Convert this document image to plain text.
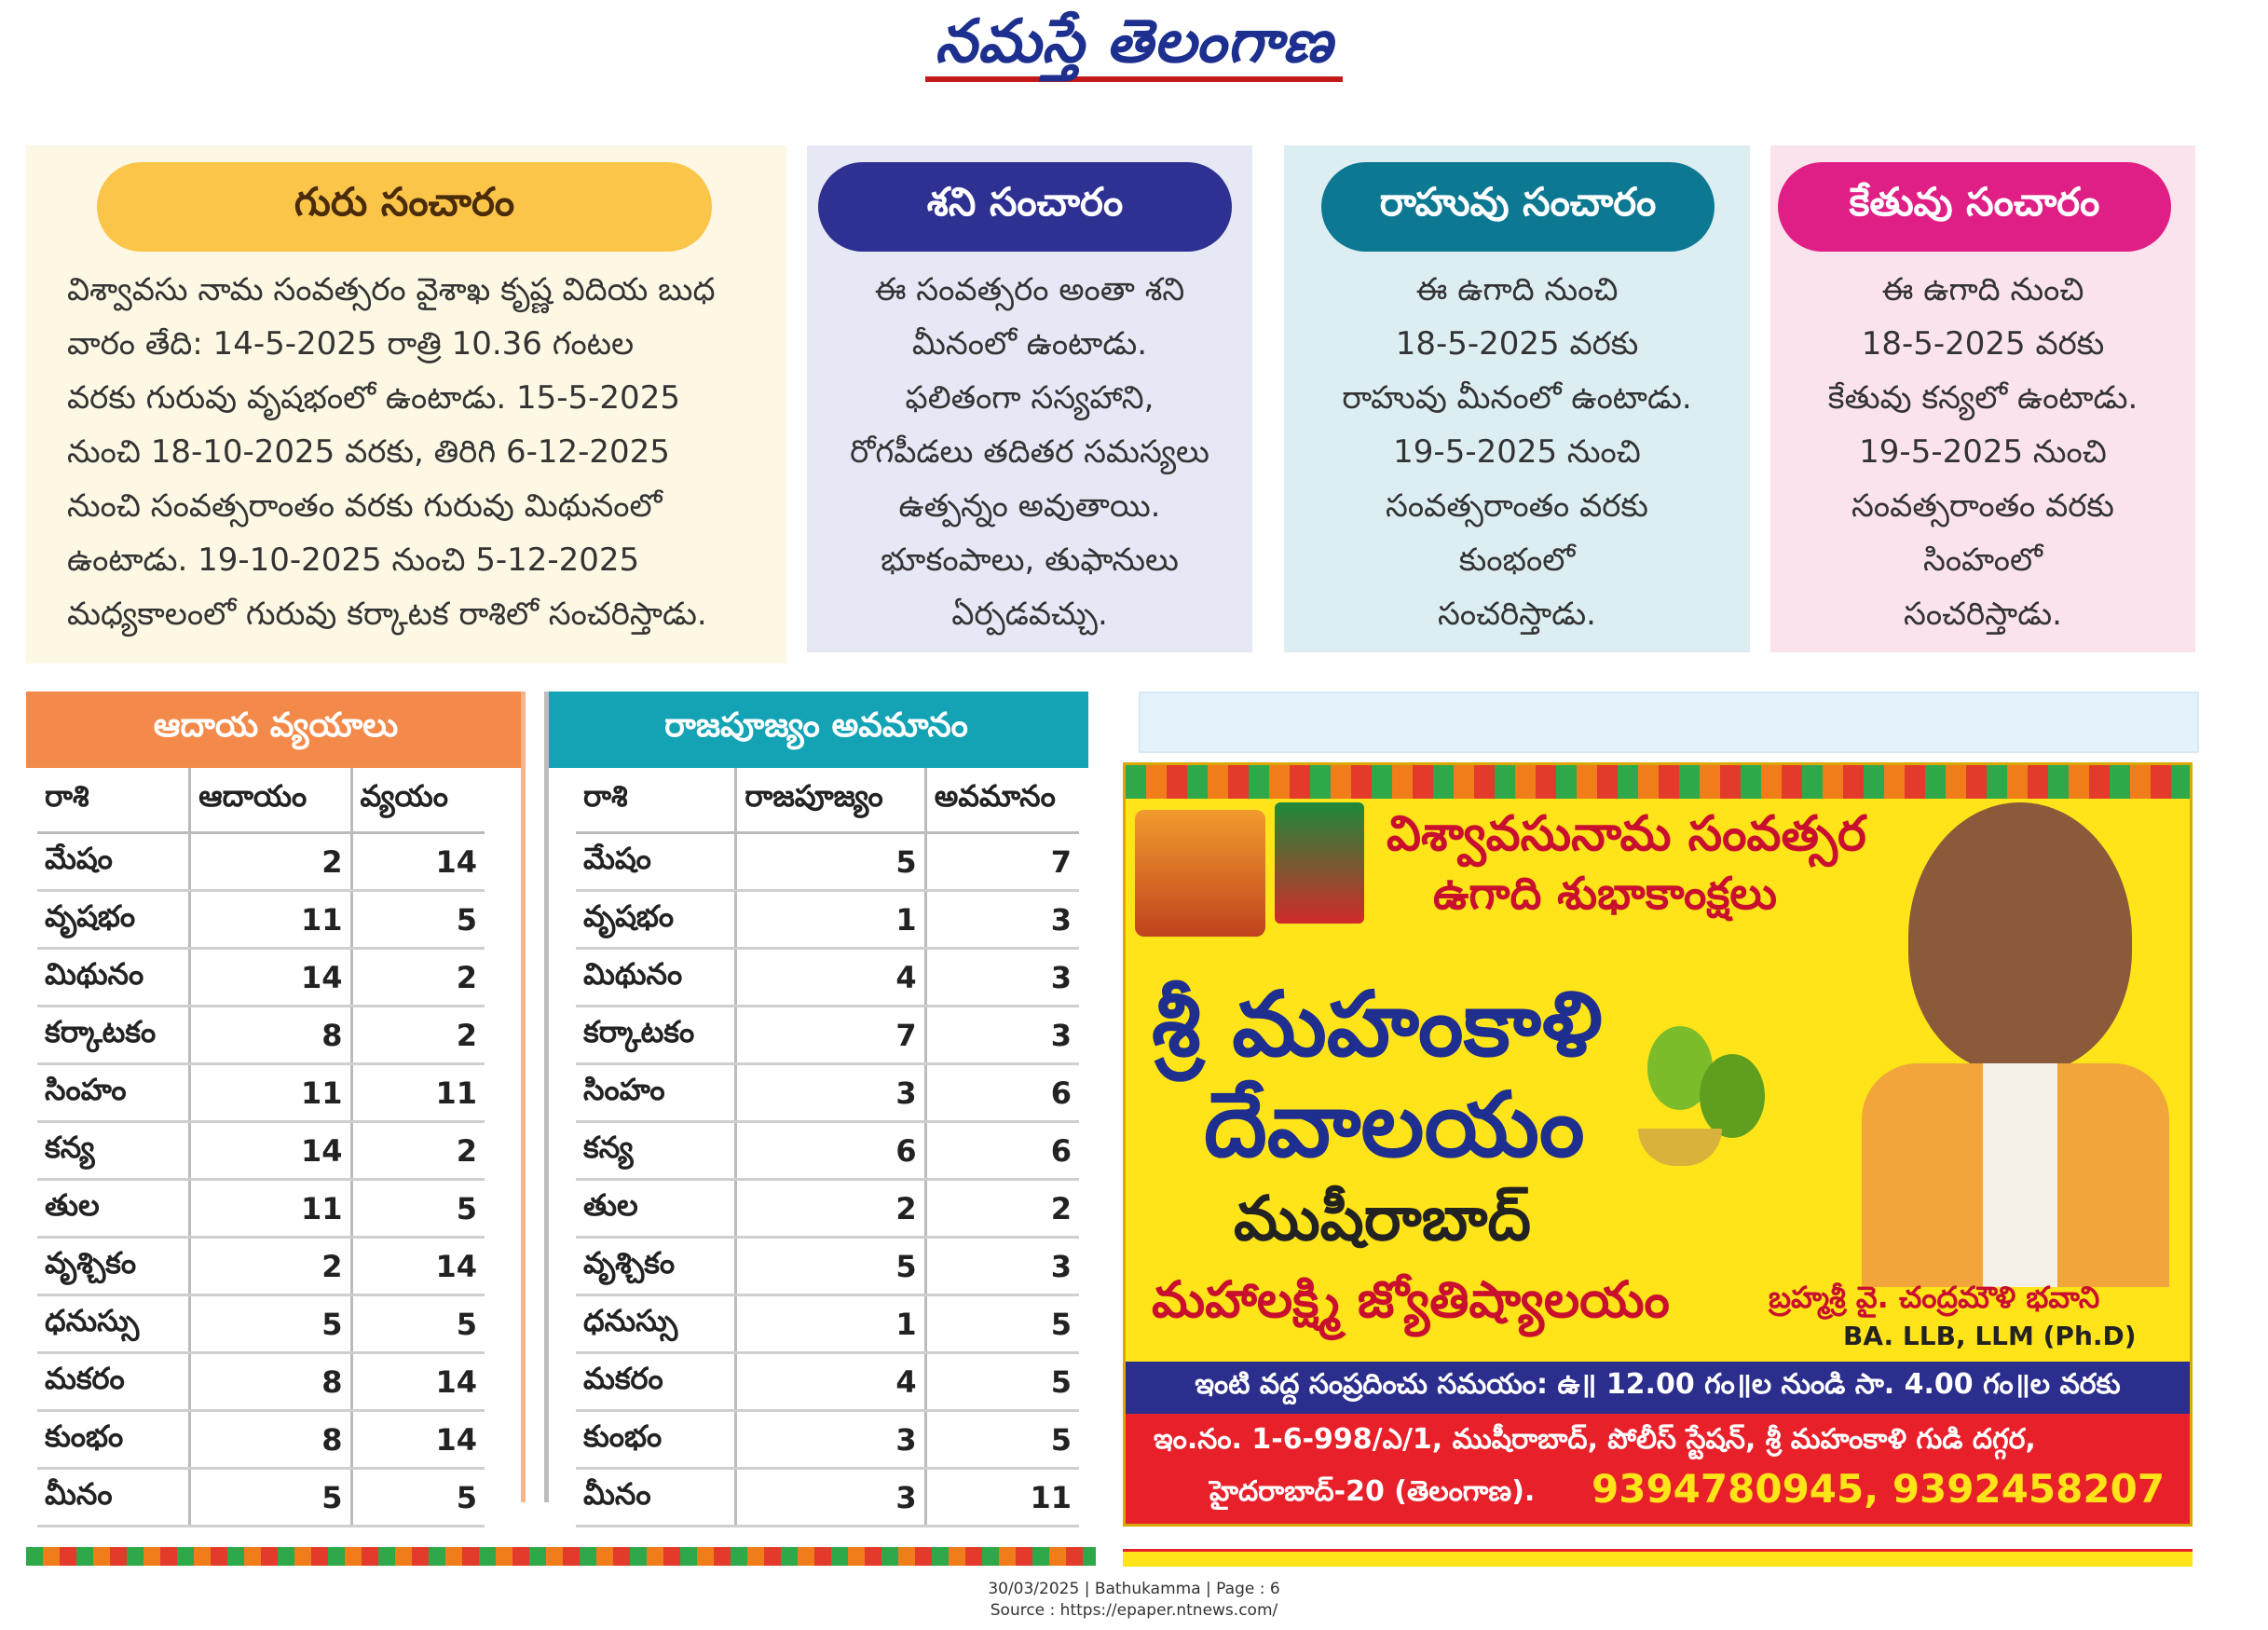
నమస్తే తెలంగాణ
గురు సంచారం
విశ్వావసు నామ సంవత్సరం వైశాఖ కృష్ణ విదియ బుధ
వారం తేది: 14-5-2025 రాత్రి 10.36 గంటల
వరకు గురువు వృషభంలో ఉంటాడు. 15-5-2025
నుంచి 18-10-2025 వరకు, తిరిగి 6-12-2025
నుంచి సంవత్సరాంతం వరకు గురువు మిథునంలో
ఉంటాడు. 19-10-2025 నుంచి 5-12-2025
మధ్యకాలంలో గురువు కర్కాటక రాశిలో సంచరిస్తాడు.
శని సంచారం
ఈ సంవత్సరం అంతా శని
మీనంలో ఉంటాడు.
ఫలితంగా సస్యహాని,
రోగపీడలు తదితర సమస్యలు
ఉత్పన్నం అవుతాయి.
భూకంపాలు, తుఫానులు
ఏర్పడవచ్చు.
రాహువు సంచారం
ఈ ఉగాది నుంచి
18-5-2025 వరకు
రాహువు మీనంలో ఉంటాడు.
19-5-2025 నుంచి
సంవత్సరాంతం వరకు
కుంభంలో
సంచరిస్తాడు.
కేతువు సంచారం
ఈ ఉగాది నుంచి
18-5-2025 వరకు
కేతువు కన్యలో ఉంటాడు.
19-5-2025 నుంచి
సంవత్సరాంతం వరకు
సింహంలో
సంచరిస్తాడు.
ఆదాయ వ్యయాలు
రాశి	ఆదాయం	వ్యయం
మేషం	2	14
వృషభం	11	5
మిథునం	14	2
కర్కాటకం	8	2
సింహం	11	11
కన్య	14	2
తుల	11	5
వృశ్చికం	2	14
ధనుస్సు	5	5
మకరం	8	14
కుంభం	8	14
మీనం	5	5
రాజపూజ్యం అవమానం
రాశి	రాజపూజ్యం	అవమానం
మేషం	5	7
వృషభం	1	3
మిథునం	4	3
కర్కాటకం	7	3
సింహం	3	6
కన్య	6	6
తుల	2	2
వృశ్చికం	5	3
ధనుస్సు	1	5
మకరం	4	5
కుంభం	3	5
మీనం	3	11
విశ్వావసునామ సంవత్సర
ఉగాది శుభాకాంక్షలు
శ్రీ మహంకాళి
దేవాలయం
ముషీరాబాద్
మహాలక్ష్మి జ్యోతిష్యాలయం	బ్రహ్మశ్రీ వై. చంద్రమౌళి భవాని
BA. LLB, LLM (Ph.D)
ఇంటి వద్ద సంప్రదించు సమయం: ఉ॥ 12.00 గం॥ల నుండి సా. 4.00 గం॥ల వరకు
ఇం.నం. 1-6-998/ఎ/1, ముషీరాబాద్, పోలీస్ స్టేషన్, శ్రీ మహంకాళి గుడి దగ్గర,
హైదరాబాద్-20 (తెలంగాణ). 9394780945, 9392458207
30/03/2025 | Bathukamma | Page : 6
Source : https://epaper.ntnews.com/
